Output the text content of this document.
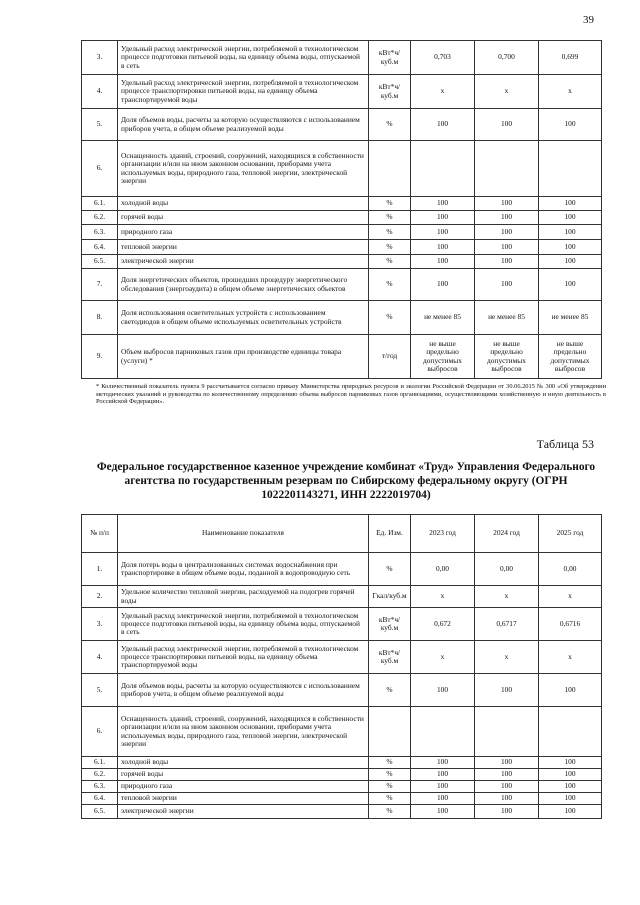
39
3.	Удельный расход электрической энергии, потребляемой в технологическом процессе подготовки питьевой воды, на единицу объема воды, отпускаемой в сеть	кВт*ч/куб.м	0,703	0,700	0,699
4.	Удельный расход электрической энергии, потребляемой в технологическом процессе транспортировки питьевой воды, на единицу объема транспортируемой воды	кВт*ч/куб.м	x	x	x
5.	Доля объемов воды, расчеты за которую осуществляются с использованием приборов учета, в общем объеме реализуемой воды	%	100	100	100
6.	Оснащенность зданий, строений, сооружений, находящихся в собственности организации и/или на ином законном основании, приборами учета используемых воды, природного газа, тепловой энергии, электрической энергии				
6.1.	холодной воды	%	100	100	100
6.2.	горячей воды	%	100	100	100
6.3.	природного газа	%	100	100	100
6.4.	тепловой энергии	%	100	100	100
6.5.	электрической энергии	%	100	100	100
7.	Доля энергетических объектов, прошедших процедуру энергетического обследования (энергоаудита) в общем объеме энергетических объектов	%	100	100	100
8.	Доля использования осветительных устройств с использованием светодиодов в общем объеме используемых осветительных устройств	%	не менее 85	не менее 85	не менее 85
9.	Объем выбросов парниковых газов при производстве единицы товара (услуги) *	т/год	не выше предельно допустимых выбросов	не выше предельно допустимых выбросов	не выше предельно допустимых выбросов
* Количественный показатель пункта 9 рассчитывается согласно приказу Министерства природных ресурсов и экологии Российской Федерации от 30.06.2015 № 300 «Об утверждении методических указаний и руководства по количественному определению объема выбросов парниковых газов организациями, осуществляющими хозяйственную и иную деятельность в Российской Федерации».
Таблица 53
Федеральное государственное казенное учреждение комбинат «Труд» Управления Федерального агентства по государственным резервам по Сибирскому федеральному округу (ОГРН 1022201143271, ИНН 2222019704)
№ п/п	Наименование показателя	Ед. Изм.	2023 год	2024 год	2025 год
1.	Доля потерь воды в централизованных системах водоснабжения при транспортировке в общем объеме воды, поданной в водопроводную сеть	%	0,00	0,00	0,00
2.	Удельное количество тепловой энергии, расходуемой на подогрев горячей воды	Гкал/куб.м	x	x	x
3.	Удельный расход электрической энергии, потребляемой в технологическом процессе подготовки питьевой воды, на единицу объема воды, отпускаемой в сеть	кВт*ч/куб.м	0,672	0,6717	0,6716
4.	Удельный расход электрической энергии, потребляемой в технологическом процессе транспортировки питьевой воды, на единицу объема транспортируемой воды	кВт*ч/куб.м	x	x	x
5.	Доля объемов воды, расчеты за которую осуществляются с использованием приборов учета, в общем объеме реализуемой воды	%	100	100	100
6.	Оснащенность зданий, строений, сооружений, находящихся в собственности организации и/или на ином законном основании, приборами учета используемых воды, природного газа, тепловой энергии, электрической энергии				
6.1.	холодной воды	%	100	100	100
6.2.	горячей воды	%	100	100	100
6.3.	природного газа	%	100	100	100
6.4.	тепловой энергии	%	100	100	100
6.5.	электрической энергии	%	100	100	100
